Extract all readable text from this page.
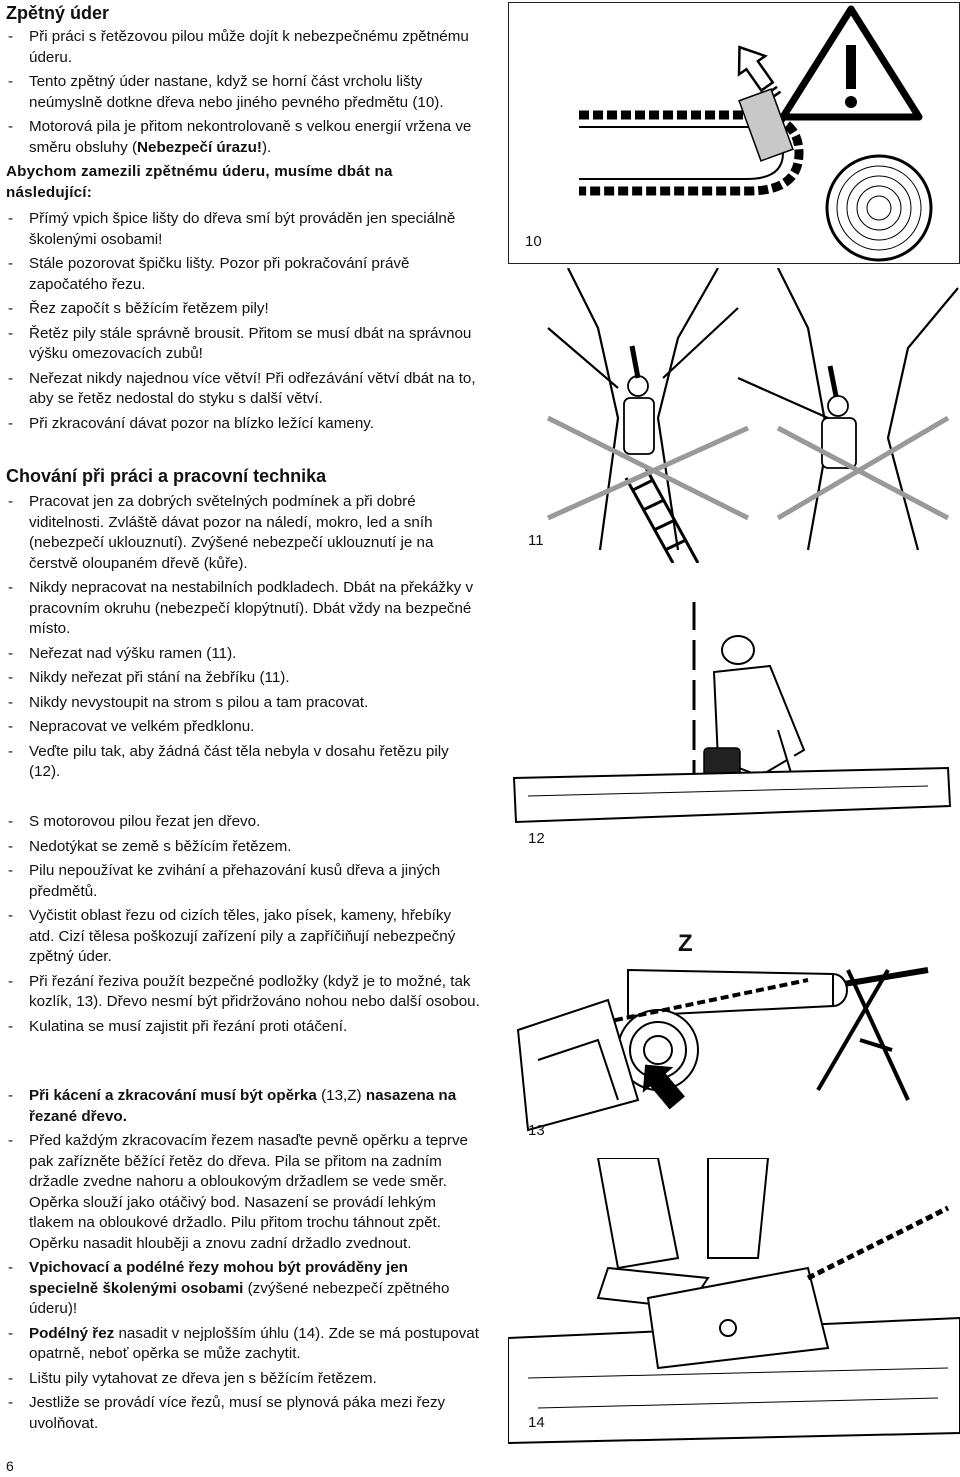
Zpětný úder
- Při práci s řetězovou pilou může dojít k nebezpečnému zpětnému úderu.
- Tento zpětný úder nastane, když se horní část vrcholu lišty neúmyslně dotkne dřeva nebo jiného pevného předmětu (10).
- Motorová pila je přitom nekontrolovaně s velkou energií vržena ve směru obsluhy (Nebezpečí úrazu!).
Abychom zamezili zpětnému úderu, musíme dbát na následující:
- Přímý vpich špice lišty do dřeva smí být prováděn jen speciálně školenými osobami!
- Stále pozorovat špičku lišty. Pozor při pokračování právě započatého řezu.
- Řez započít s běžícím řetězem pily!
- Řetěz pily stále správně brousit. Přitom se musí dbát na správnou výšku omezovacích zubů!
- Neřezat nikdy najednou více větví! Při odřezávání větví dbát na to, aby se řetěz nedostal do styku s další větví.
- Při zkracování dávat pozor na blízko ležící kameny.
Chování při práci a pracovní technika
- Pracovat jen za dobrých světelných podmínek a při dobré viditelnosti. Zvláště dávat pozor na náledí, mokro, led a sníh (nebezpečí uklouznutí). Zvýšené nebezpečí uklouznutí je na čerstvě oloupaném dřevě (kůře).
- Nikdy nepracovat na nestabilních podkladech. Dbát na překážky v pracovním okruhu (nebezpečí klopýtnutí). Dbát vždy na bezpečné místo.
- Neřezat nad výšku ramen (11).
- Nikdy neřezat při stání na žebříku (11).
- Nikdy nevystoupit na strom s pilou a tam pracovat.
- Nepracovat ve velkém předklonu.
- Veďte pilu tak, aby žádná část těla nebyla v dosahu řetězu pily (12).
- S motorovou pilou řezat jen dřevo.
- Nedotýkat se země s běžícím řetězem.
- Pilu nepoužívat ke zvihání a přehazování kusů dřeva a jiných předmětů.
- Vyčistit oblast řezu od cizích těles, jako písek, kameny, hřebíky atd. Cizí tělesa poškozují zařízení pily a zapříčiňují nebezpečný zpětný úder.
- Při řezání řeziva použít bezpečné podložky (když je to možné, tak kozlík, 13). Dřevo nesmí být přidržováno nohou nebo další osobou.
- Kulatina se musí zajistit při řezání proti otáčení.
- Při kácení a zkracování musí být opěrka (13,Z) nasazena na řezané dřevo.
- Před každým zkracovacím řezem nasaďte pevně opěrku a teprve pak zařízněte běžící řetěz do dřeva. Pila se přitom na zadním držadle zvedne nahoru a obloukovým držadlem se vede směr. Opěrka slouží jako otáčivý bod. Nasazení se provádí lehkým tlakem na obloukové držadlo. Pilu přitom trochu táhnout zpět. Opěrku nasadit hlouběji a znovu zadní držadlo zvednout.
- Vpichovací a podélné řezy mohou být prováděny jen specielně školenými osobami (zvýšené nebezpečí zpětného úderu)!
- Podélný řez nasadit v nejplošším úhlu (14). Zde se má postupovat opatrně, neboť opěrka se může zachytit.
- Lištu pily vytahovat ze dřeva jen s běžícím řetězem.
- Jestliže se provádí více řezů, musí se plynová páka mezi řezy uvolňovat.
10
11
12
Z
13
14
6
